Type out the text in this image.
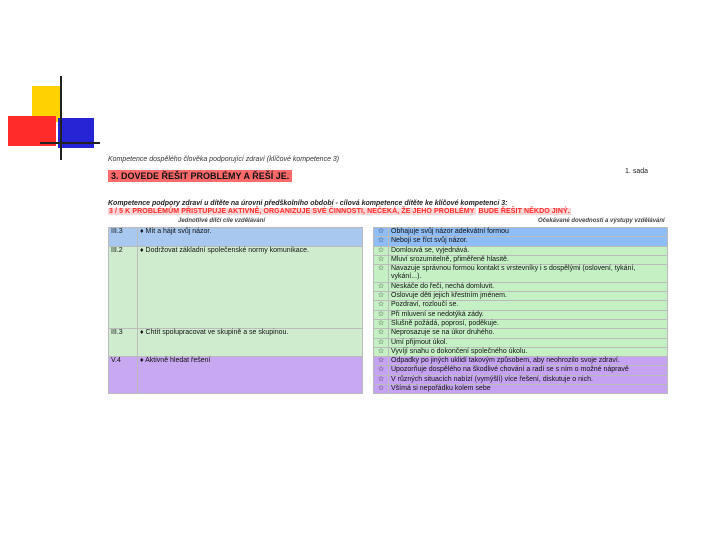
Kompetence dospělého člověka podporující zdraví (klíčové kompetence 3)
3. DOVEDE ŘEŠIT PROBLÉMY A ŘEŠÍ JE.	1. sada
Kompetence podpory zdraví u dítěte na úrovni předškolního období - cílová kompetence dítěte ke klíčové kompetenci 3:
3 / 5 K PROBLÉMŮM PŘISTUPUJE AKTIVNĚ, ORGANIZUJE SVÉ ČINNOSTI, NEČEKÁ, ŽE JEHO PROBLÉMY BUDE ŘEŠIT NĚKDO JINÝ.
Jednotlivé dílčí cíle vzdělávání	Očekávané dovednosti a výstupy vzdělávání
III.3	♦ Mít a hájit svůj názor.		☆	Obhajuje svůj názor adekvátní formou
			☆	Nebojí se říct svůj názor.
III.2	♦ Dodržovat základní společenské normy komunikace.		☆	Domlouvá se, vyjednává.
			☆	Mluví srozumitelně, přiměřeně hlasitě.
			☆	Navazuje správnou formou kontakt s vrstevníky i s dospělými (oslovení, tykání, vykání...).
			☆	Neskáče do řeči, nechá domluvit.
			☆	Oslovuje děti jejich křestním jménem.
			☆	Pozdraví, rozloučí se.
			☆	Při mluvení se nedotýká zády.
			☆	Slušně požádá, poprosí, poděkuje.
III.3	♦ Chtít spolupracovat ve skupině a se skupinou.		☆	Neprosazuje se na úkor druhého.
			☆	Umí přijmout úkol.
			☆	Vyvíjí snahu o dokončení společného úkolu.
V.4	♦ Aktivně hledat řešení		☆	Odpadky po jiných uklidí takovým způsobem, aby neohrozilo svoje zdraví.
			☆	Upozorňuje dospělého na škodlivé chování a radí se s ním o možné nápravě
			☆	V různých situacích nabízí (vymýšlí) více řešení, diskutuje o nich.
			☆	Všímá si nepořádku kolem sebe
